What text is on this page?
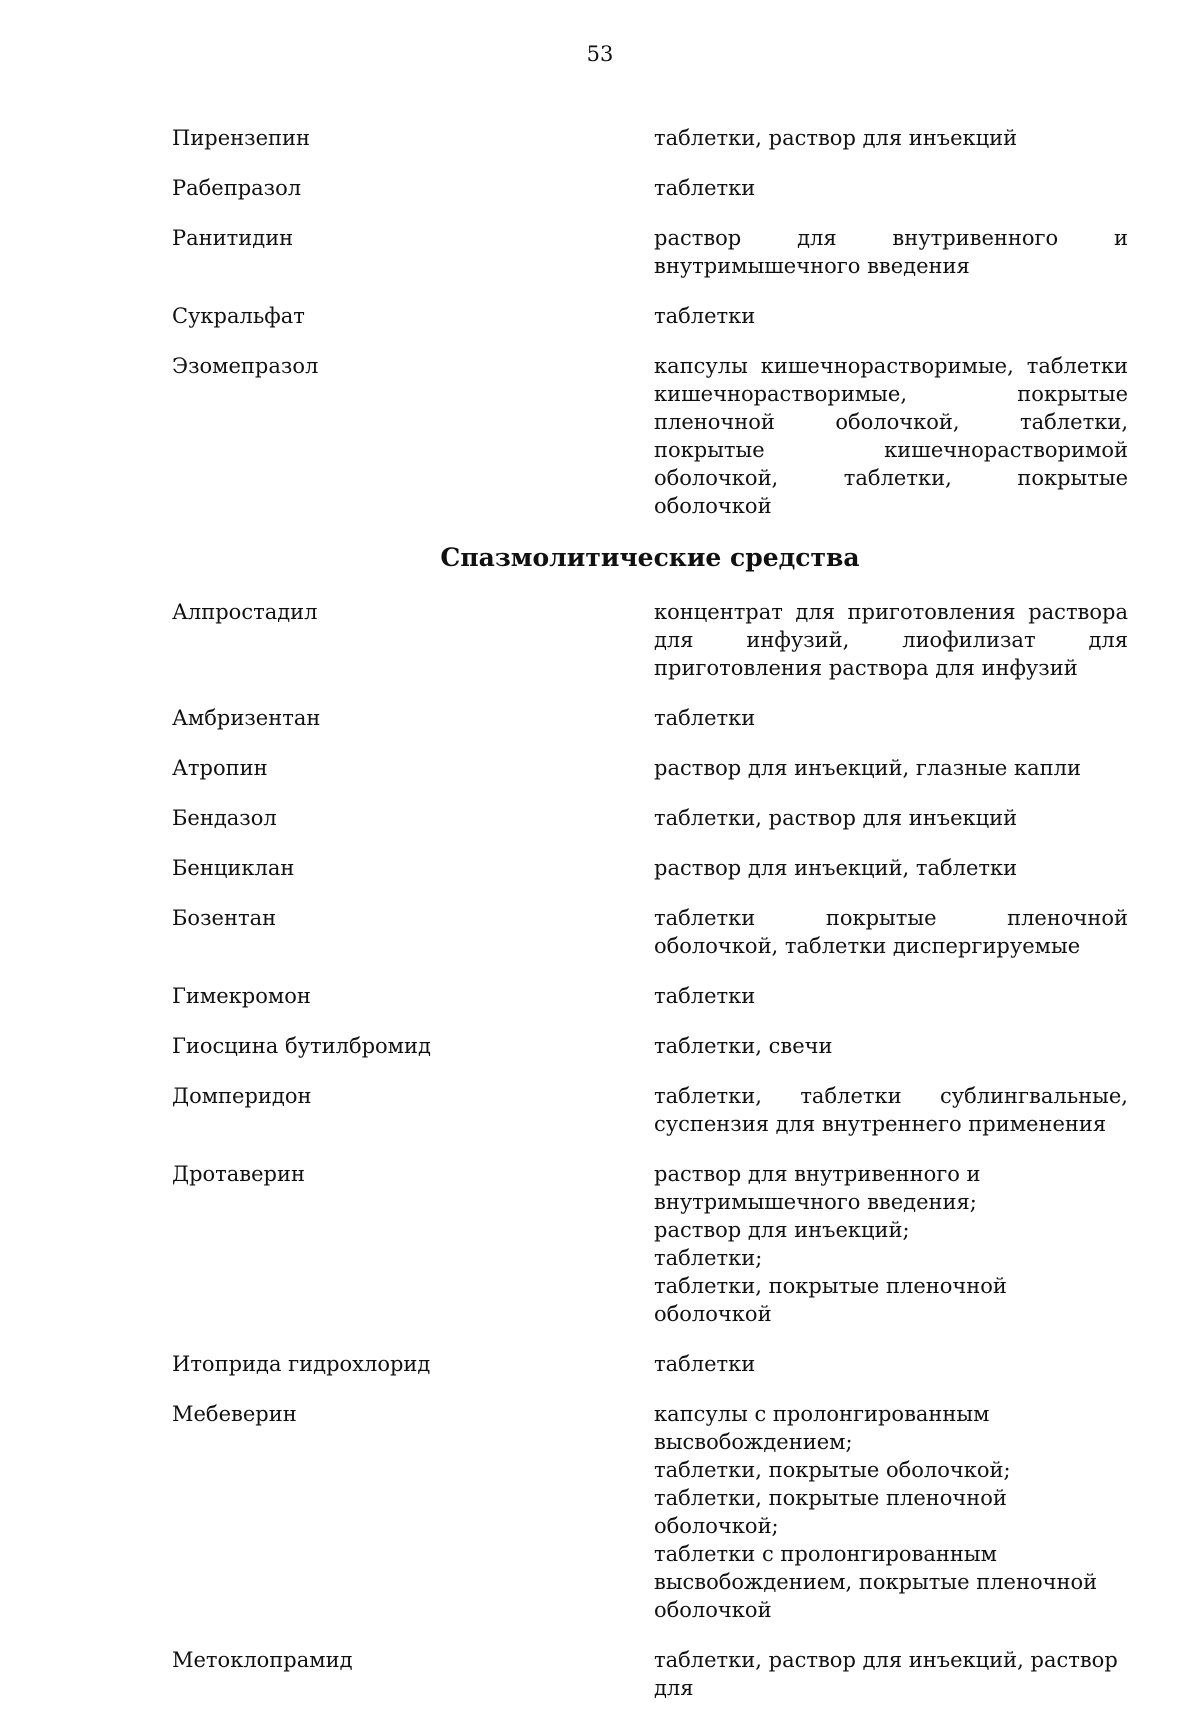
53
Пирензепин	таблетки, раствор для инъекций
Рабепразол	таблетки
Ранитидин	раствор для внутривенного и внутримышечного введения
Сукральфат	таблетки
Эзомепразол	капсулы кишечнорастворимые, таблетки кишечнорастворимые, покрытые пленочной оболочкой, таблетки, покрытые кишечнорастворимой оболочкой, таблетки, покрытые оболочкой
Спазмолитические средства
Алпростадил	концентрат для приготовления раствора для инфузий, лиофилизат для приготовления раствора для инфузий
Амбризентан	таблетки
Атропин	раствор для инъекций, глазные капли
Бендазол	таблетки, раствор для инъекций
Бенциклан	раствор для инъекций, таблетки
Бозентан	таблетки покрытые пленочной оболочкой, таблетки диспергируемые
Гимекромон	таблетки
Гиосцина бутилбромид	таблетки, свечи
Домперидон	таблетки, таблетки сублингвальные, суспензия для внутреннего применения
Дротаверин	раствор для внутривенного и
внутримышечного введения;
раствор для инъекций;
таблетки;
таблетки, покрытые пленочной оболочкой
Итоприда гидрохлорид	таблетки
Мебеверин	капсулы с пролонгированным
высвобождением;
таблетки, покрытые оболочкой;
таблетки, покрытые пленочной оболочкой;
таблетки с пролонгированным
высвобождением, покрытые пленочной
оболочкой
Метоклопрамид	таблетки, раствор для инъекций, раствор для
